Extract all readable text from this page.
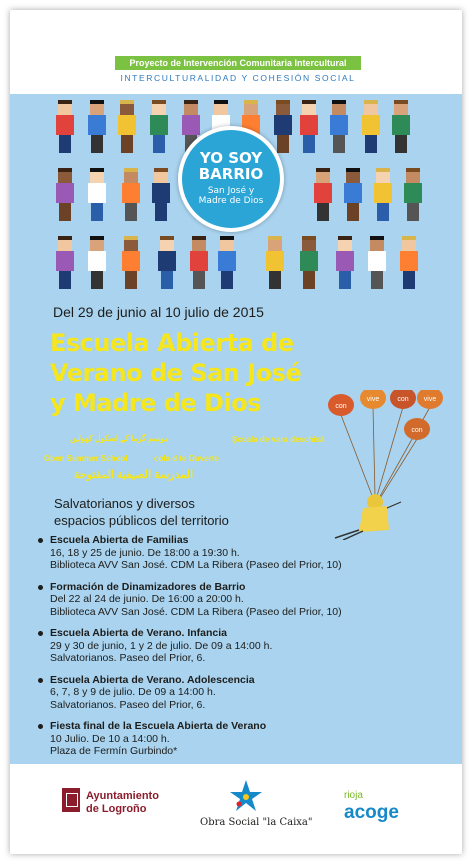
Proyecto de Intervención Comunitaria Intercultural
INTERCULTURALIDAD Y COHESIÓN SOCIAL
YO SOY
BARRIO
San José y
Madre de Dios
Del 29 de junio al 10 julio de 2015
Escuela Abierta de
Verano de San José
y Madre de Dios
موسم گرما کے اسکول کھولیں	Şcoala de vara deschisă
Open Summer School	cola d te Ouverte
المدرسة الصيفية المفتوحة
con
vive	con vive
con
Salvatorianos y diversos
espacios públicos del territorio
Escuela Abierta de Familias
16, 18 y 25 de junio. De 18:00 a 19:30 h.
Biblioteca AVV San José. CDM La Ribera (Paseo del Prior, 10)
Formación de Dinamizadores de Barrio
Del 22 al 24 de junio. De 16:00 a 20:00 h.
Biblioteca AVV San José. CDM La Ribera (Paseo del Prior, 10)
Escuela Abierta de Verano. Infancia
29 y 30 de junio, 1 y 2 de julio. De 09 a 14:00 h.
Salvatorianos. Paseo del Prior, 6.
Escuela Abierta de Verano. Adolescencia
6, 7, 8 y 9 de julio. De 09 a 14:00 h.
Salvatorianos. Paseo del Prior, 6.
Fiesta final de la Escuela Abierta de Verano
10 Julio. De 10 a 14:00 h.
Plaza de Fermín Gurbindo*
Ayuntamiento
de Logroño
Obra Social "la Caixa"
rioja
acoge
